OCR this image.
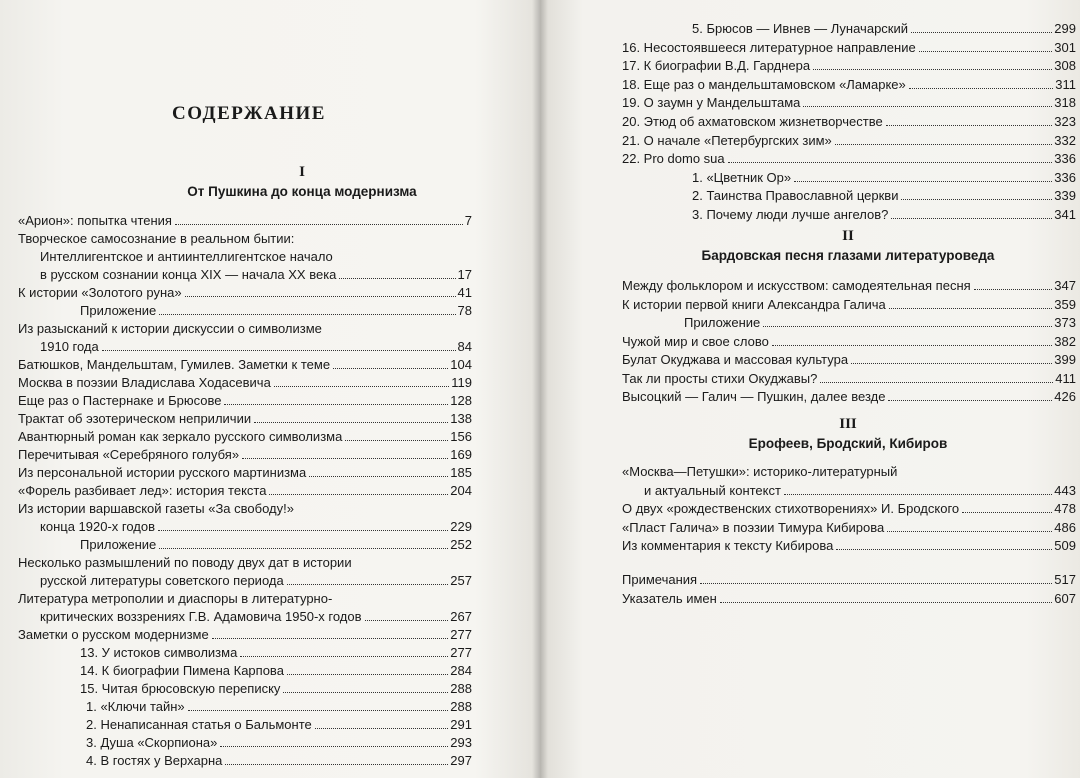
СОДЕРЖАНИЕ
I
От Пушкина до конца модернизма
«Арион»: попытка чтения	7
Творческое самосознание в реальном бытии:
Интеллигентское и антиинтеллигентское начало
в русском сознании конца XIX — начала XX века	17
К истории «Золотого руна»	41
Приложение	78
Из разысканий к истории дискуссии о символизме
1910 года	84
Батюшков, Мандельштам, Гумилев. Заметки к теме	104
Москва в поэзии Владислава Ходасевича	119
Еще раз о Пастернаке и Брюсове	128
Трактат об эзотерическом неприличии	138
Авантюрный роман как зеркало русского символизма	156
Перечитывая «Серебряного голубя»	169
Из персональной истории русского мартинизма	185
«Форель разбивает лед»: история текста	204
Из истории варшавской газеты «За свободу!»
конца 1920-х годов	229
Приложение	252
Несколько размышлений по поводу двух дат в истории
русской литературы советского периода	257
Литература метрополии и диаспоры в литературно-
критических воззрениях Г.В. Адамовича 1950-х годов	267
Заметки о русском модернизме	277
13. У истоков символизма	277
14. К биографии Пимена Карпова	284
15. Читая брюсовскую переписку	288
1. «Ключи тайн»	288
2. Ненаписанная статья о Бальмонте	291
3. Душа «Скорпиона»	293
4. В гостях у Верхарна	297
5. Брюсов — Ивнев — Луначарский	299
16. Несостоявшееся литературное направление	301
17. К биографии В.Д. Гарднера	308
18. Еще раз о мандельштамовском «Ламарке»	311
19. О заумн у Мандельштама	318
20. Этюд об ахматовском жизнетворчестве	323
21. О начале «Петербургских зим»	332
22. Pro domo sua	336
1. «Цветник Ор»	336
2. Таинства Православной церкви	339
3. Почему люди лучше ангелов?	341
II
Бардовская песня глазами литературоведа
Между фольклором и искусством: самодеятельная песня	347
К истории первой книги Александра Галича	359
Приложение	373
Чужой мир и свое слово	382
Булат Окуджава и массовая культура	399
Так ли просты стихи Окуджавы?	411
Высоцкий — Галич — Пушкин, далее везде	426
III
Ерофеев, Бродский, Кибиров
«Москва—Петушки»: историко-литературный
и актуальный контекст	443
О двух «рождественских стихотворениях» И. Бродского	478
«Пласт Галича» в поэзии Тимура Кибирова	486
Из комментария к тексту Кибирова	509
Примечания	517
Указатель имен	607
